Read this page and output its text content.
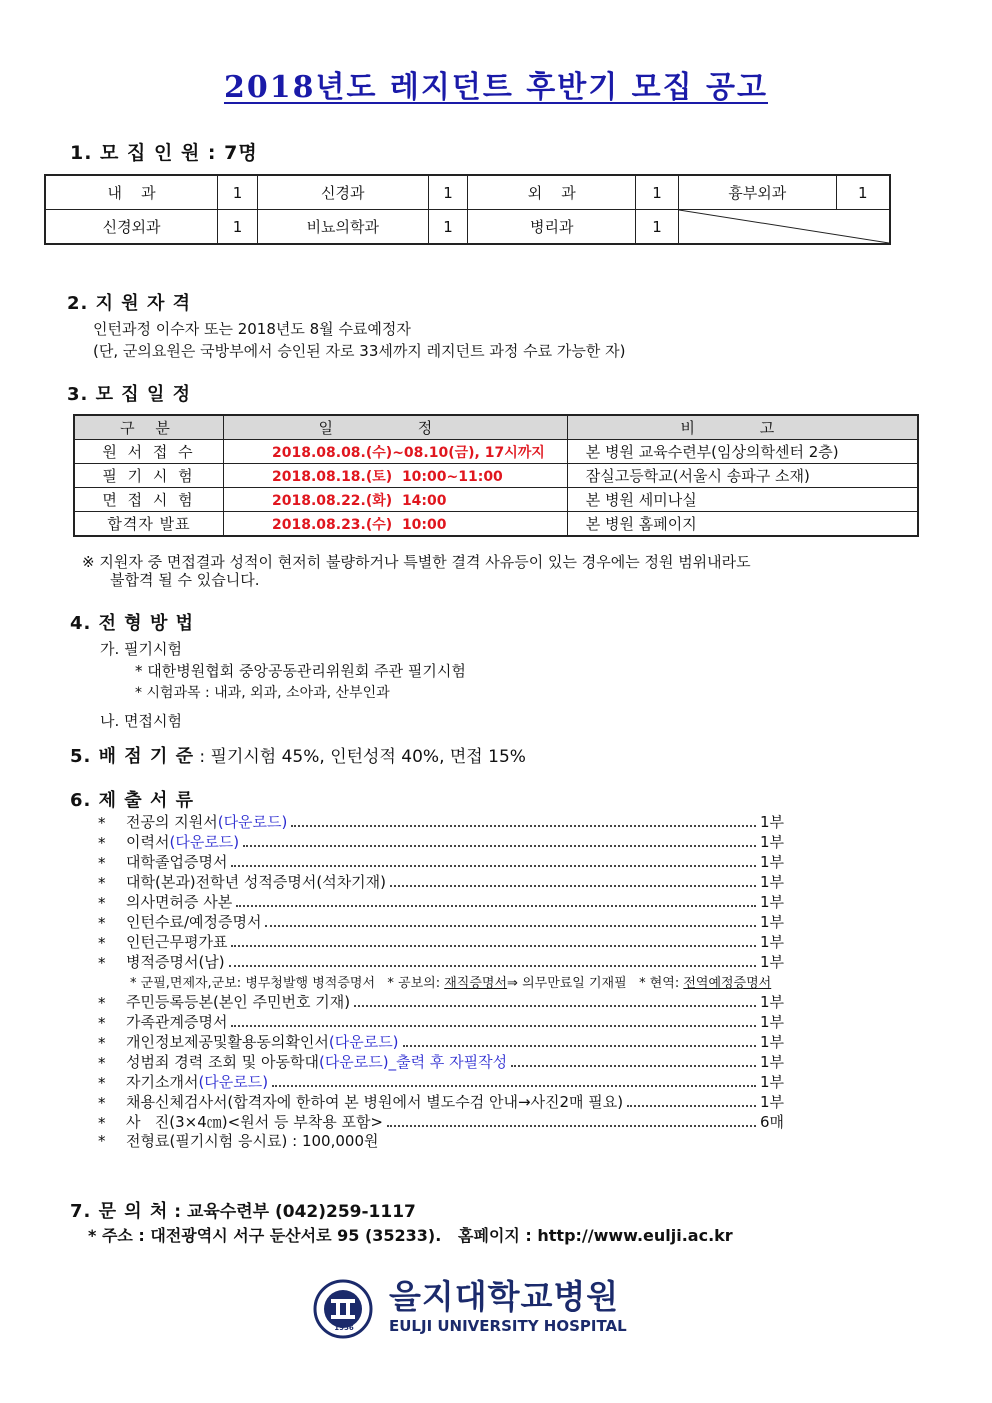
2018년도 레지던트 후반기 모집 공고
1. 모 집 인 원 : 7명
내    과	1	신경과	1	외    과	1	흉부외과	1
신경외과	1	비뇨의학과	1	병리과	1	
2. 지 원 자 격
인턴과정 이수자 또는 2018년도 8월 수료예정자
(단, 군의요원은 국방부에서 승인된 자로 33세까지 레지던트 과정 수료 가능한 자)
3. 모 집 일 정
구 분	일 정	비 고
원 서 접 수	2018.08.08.(수)~08.10(금), 17시까지	본 병원 교육수련부(임상의학센터 2층)
필 기 시 험	2018.08.18.(토)  10:00~11:00	잠실고등학교(서울시 송파구 소재)
면 접 시 험	2018.08.22.(화)  14:00	본 병원 세미나실
합격자 발표	2018.08.23.(수)  10:00	본 병원 홈페이지
※ 지원자 중 면접결과 성적이 현저히 불량하거나 특별한 결격 사유등이 있는 경우에는 정원 범위내라도
불합격 될 수 있습니다.
4. 전 형 방 법
가. 필기시험
* 대한병원협회 중앙공동관리위원회 주관 필기시험
* 시험과목 : 내과, 외과, 소아과, 산부인과
나. 면접시험
5. 배 점 기 준 : 필기시험 45%, 인턴성적 40%, 면접 15%
6. 제 출 서 류
*	전공의 지원서 (다운로드)	1부
*	이력서 (다운로드)	1부
*	대학졸업증명서	1부
*	대학(본과)전학년 성적증명서(석차기재)	1부
*	의사면허증 사본	1부
*	인턴수료/예정증명서	1부
*	인턴근무평가표	1부
*	병적증명서(남)	1부
*	주민등록등본(본인 주민번호 기재)	1부
*	가족관계증명서	1부
*	개인정보제공및활용동의확인서 (다운로드)	1부
*	성범죄 경력 조회 및 아동학대 (다운로드)_출력 후 자필작성	1부
*	자기소개서 (다운로드)	1부
*	채용신체검사서(합격자에 한하여 본 병원에서 별도수검 안내→사진2매 필요)	1부
*	사   진(3×4㎝)<원서 등 부착용 포함>	6매
* 군필,면제자,군보: 병무청발행 병적증명서   * 공보의: 재직증명서⇒ 의무만료일 기재필   * 현역: 전역예정증명서
*	전형료(필기시험 응시료) : 100,000원
7. 문 의 처 : 교육수련부 (042)259-1117
* 주소 : 대전광역시 서구 둔산서로 95 (35233).   홈페이지 : http://www.eulji.ac.kr
1956
을지대학교병원
EULJI UNIVERSITY HOSPITAL
